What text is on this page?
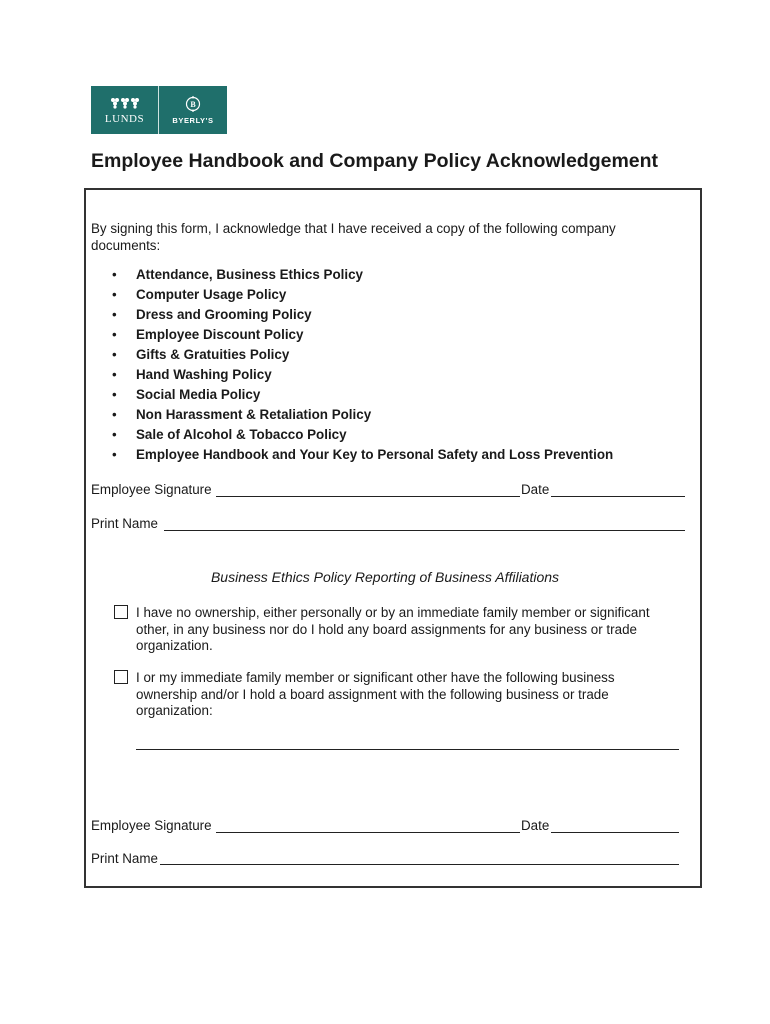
LUNDS
B
BYERLY'S
Employee Handbook and Company Policy Acknowledgement
By signing this form, I acknowledge that I have received a copy of the following company documents:
• Attendance, Business Ethics Policy
• Computer Usage Policy
• Dress and Grooming Policy
• Employee Discount Policy
• Gifts & Gratuities Policy
• Hand Washing Policy
• Social Media Policy
• Non Harassment & Retaliation Policy
• Sale of Alcohol & Tobacco Policy
• Employee Handbook and Your Key to Personal Safety and Loss Prevention
Employee Signature	Date
Print Name
Business Ethics Policy Reporting of Business Affiliations
I have no ownership, either personally or by an immediate family member or significant other, in any business nor do I hold any board assignments for any business or trade organization.
I or my immediate family member or significant other have the following business ownership and/or I hold a board assignment with the following business or trade organization:
Employee Signature	Date
Print Name
